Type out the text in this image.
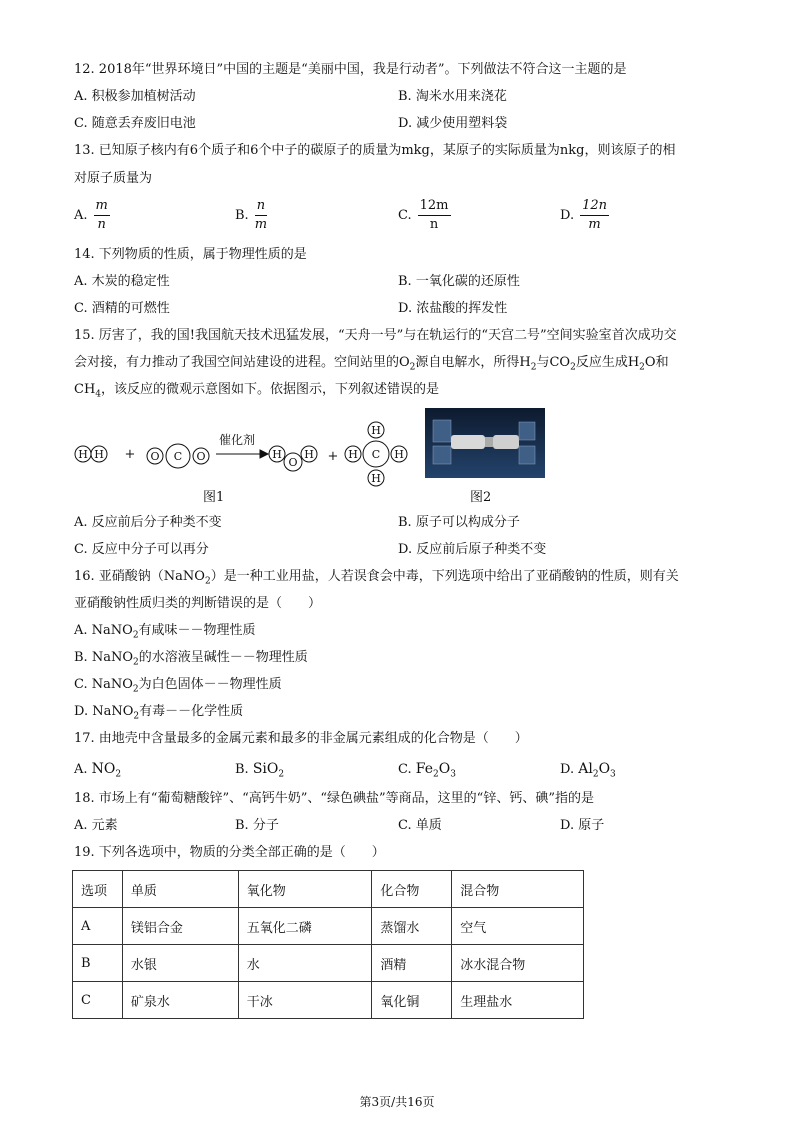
12. 2018年“世界环境日”中国的主题是“美丽中国，我是行动者”。下列做法不符合这一主题的是
A. 积极参加植树活动	B. 淘米水用来浇花
C. 随意丢弃废旧电池	D. 减少使用塑料袋
13. 已知原子核内有6个质子和6个中子的碳原子的质量为mkg，某原子的实际质量为nkg，则该原子的相
对原子质量为
A. $\frac{m}{n}$	B. $\frac{n}{m}$	C. $\frac{12m}{n}$	D. $\frac{12n}{m}$
14. 下列物质的性质，属于物理性质的是
A. 木炭的稳定性	B. 一氧化碳的还原性
C. 酒精的可燃性	D. 浓盐酸的挥发性
15. 厉害了，我的国!我国航天技术迅猛发展，“天舟一号”与在轨运行的“天宫二号”空间实验室首次成功交
会对接，有力推动了我国空间站建设的进程。空间站里的$O_2$源自电解水，所得$H_2$与$CO_2$反应生成$H_2O$和
$CH_4$，该反应的微观示意图如下。依据图示，下列叙述错误的是
H H + O C O
催化剂
H H
O +
H
H
H	H
C
图1	图2
A. 反应前后分子种类不变	B. 原子可以构成分子
C. 反应中分子可以再分	D. 反应前后原子种类不变
16. 亚硝酸钠（NaNO$_2$）是一种工业用盐，人若误食会中毒，下列选项中给出了亚硝酸钠的性质，则有关
亚硝酸钠性质归类的判断错误的是（　　）
A. NaNO$_2$有咸味－－物理性质
B. NaNO$_2$的水溶液呈碱性－－物理性质
C. NaNO$_2$为白色固体－－物理性质
D. NaNO$_2$有毒－－化学性质
17. 由地壳中含量最多的金属元素和最多的非金属元素组成的化合物是（　　）
A. $NO_2$	B. SiO$_2$	C. $Fe_2O_3$	D. $Al_2O_3$
18. 市场上有“葡萄糖酸锌”、“高钙牛奶”、“绿色碘盐”等商品，这里的“锌、钙、碘”指的是
A. 元素	B. 分子	C. 单质	D. 原子
19. 下列各选项中，物质的分类全部正确的是（　　）
选项	单质	氧化物	化合物	混合物
A	镁铝合金	五氧化二磷	蒸馏水	空气
B	水银	水	酒精	冰水混合物
C	矿泉水	干冰	氧化铜	生理盐水
第3页/共16页
